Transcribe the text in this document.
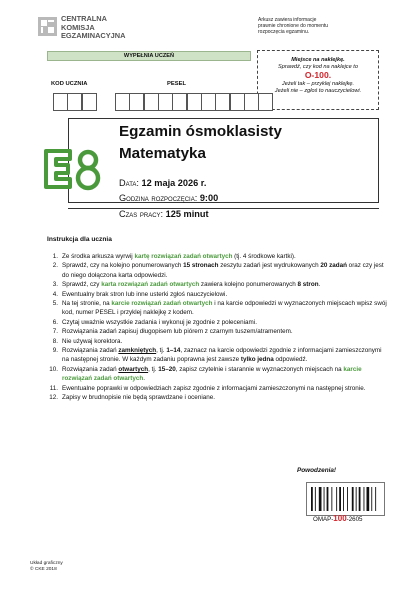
CENTRALNA
KOMISJA
EGZAMINACYJNA
Arkusz zawiera informacje
prawnie chronione do momentu
rozpoczęcia egzaminu.
WYPEŁNIA UCZEŃ
Miejsce na naklejkę.
Sprawdź, czy kod na naklejce to
O-100.
Jeżeli tak – przyklej naklejkę.
Jeżeli nie – zgłoś to nauczycielowi.
KOD UCZNIA	PESEL
Egzamin ósmoklasisty
Matematyka
Data: 12 maja 2026 r.
Godzina rozpoczęcia: 9:00
Czas pracy: 125 minut
Instrukcja dla ucznia
1. Ze środka arkusza wyrwij kartę rozwiązań zadań otwartych (tj. 4 środkowe kartki).
2. Sprawdź, czy na kolejno ponumerowanych 15 stronach zeszytu zadań jest wydrukowanych 20 zadań oraz czy jest do niego dołączona karta odpowiedzi.
3. Sprawdź, czy karta rozwiązań zadań otwartych zawiera kolejno ponumerowanych 8 stron.
4. Ewentualny brak stron lub inne usterki zgłoś nauczycielowi.
5. Na tej stronie, na karcie rozwiązań zadań otwartych i na karcie odpowiedzi w wyznaczonych miejscach wpisz swój kod, numer PESEL i przyklej naklejkę z kodem.
6. Czytaj uważnie wszystkie zadania i wykonuj je zgodnie z poleceniami.
7. Rozwiązania zadań zapisuj długopisem lub piórem z czarnym tuszem/atramentem.
8. Nie używaj korektora.
9. Rozwiązania zadań zamkniętych, tj. 1–14, zaznacz na karcie odpowiedzi zgodnie z informacjami zamieszczonymi na następnej stronie. W każdym zadaniu poprawna jest zawsze tylko jedna odpowiedź.
10. Rozwiązania zadań otwartych, tj. 15–20, zapisz czytelnie i starannie w wyznaczonych miejscach na karcie rozwiązań zadań otwartych.
11. Ewentualne poprawki w odpowiedziach zapisz zgodnie z informacjami zamieszczonymi na następnej stronie.
12. Zapisy w brudnopisie nie będą sprawdzane i oceniane.
Powodzenia!
OMAP-100-2605
Układ graficzny
© CKE 2018
